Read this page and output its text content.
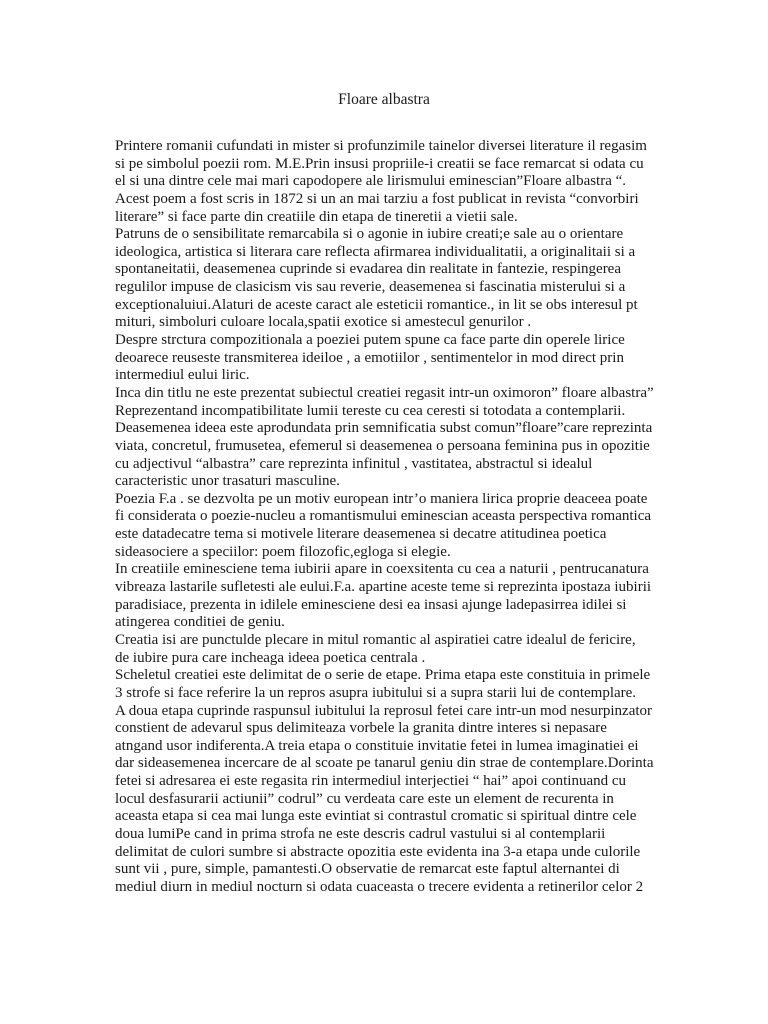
Floare albastra
Printere romanii cufundati in mister si profunzimile tainelor diversei literature il regasim
si pe simbolul poezii rom. M.E.Prin insusi propriile-i creatii se face remarcat si odata cu
el si una dintre cele mai mari capodopere ale lirismului eminescian”Floare albastra “.
Acest poem a fost scris in 1872 si un an mai tarziu a fost publicat in revista “convorbiri
literare” si face parte din creatiile din etapa de tineretii a vietii sale.
Patruns de o sensibilitate remarcabila si o agonie in iubire creati;e sale au o orientare
ideologica, artistica si literara care reflecta afirmarea individualitatii, a originalitaii si a
spontaneitatii, deasemenea cuprinde si evadarea din realitate in fantezie, respingerea
regulilor impuse de clasicism vis sau reverie, deasemenea si fascinatia misterului si a
exceptionaluiui.Alaturi de aceste caract ale esteticii romantice., in lit se obs interesul pt
mituri, simboluri culoare locala,spatii exotice si amestecul genurilor .
Despre strctura compozitionala a poeziei putem spune ca face parte din operele lirice
deoarece reuseste transmiterea ideiloe , a emotiilor , sentimentelor in mod direct prin
intermediul eului liric.
Inca din titlu ne este prezentat subiectul creatiei regasit intr-un oximoron” floare albastra”
Reprezentand incompatibilitate lumii tereste cu cea ceresti si totodata a contemplarii.
Deasemenea ideea este aprodundata prin semnificatia subst comun”floare”care reprezinta
viata, concretul, frumusetea, efemerul si deasemenea o persoana feminina pus in opozitie
cu adjectivul “albastra” care reprezinta infinitul , vastitatea, abstractul si idealul
caracteristic unor trasaturi masculine.
Poezia F.a . se dezvolta pe un motiv european intr’o maniera lirica proprie deaceea poate
fi considerata o poezie-nucleu a romantismului eminescian aceasta perspectiva romantica
este datadecatre tema si motivele literare deasemenea si decatre atitudinea poetica
sideasociere a speciilor: poem filozofic,egloga si elegie.
In creatiile eminesciene tema iubirii apare in coexsitenta cu cea a naturii , pentrucanatura
vibreaza lastarile sufletesti ale eului.F.a. apartine aceste teme si reprezinta ipostaza iubirii
paradisiace, prezenta in idilele eminesciene desi ea insasi ajunge ladepasirrea idilei si
atingerea conditiei de geniu.
Creatia isi are punctulde plecare in mitul romantic al aspiratiei catre idealul de fericire,
de iubire pura care incheaga ideea poetica centrala .
Scheletul creatiei este delimitat de o serie de etape. Prima etapa este constituia in primele
3 strofe si face referire la un repros asupra iubitului si a supra starii lui de contemplare.
A doua etapa cuprinde raspunsul iubitului la reprosul fetei care intr-un mod nesurpinzator
constient de adevarul spus delimiteaza vorbele la granita dintre interes si nepasare
atngand usor indiferenta.A treia etapa o constituie invitatie fetei in lumea imaginatiei ei
dar sideasemenea incercare de al scoate pe tanarul geniu din strae de contemplare.Dorinta
fetei si adresarea ei este regasita rin intermediul interjectiei “ hai” apoi continuand cu
locul desfasurarii actiunii” codrul” cu verdeata care este un element de recurenta in
aceasta etapa si cea mai lunga este evintiat si contrastul cromatic si spiritual dintre cele
doua lumiPe cand in prima strofa ne este descris cadrul vastului si al contemplarii
delimitat de culori sumbre si abstracte opozitia este evidenta ina 3-a etapa unde culorile
sunt vii , pure, simple, pamantesti.O observatie de remarcat este faptul alternantei di
mediul diurn in mediul nocturn si odata cuaceasta o trecere evidenta a retinerilor celor 2
